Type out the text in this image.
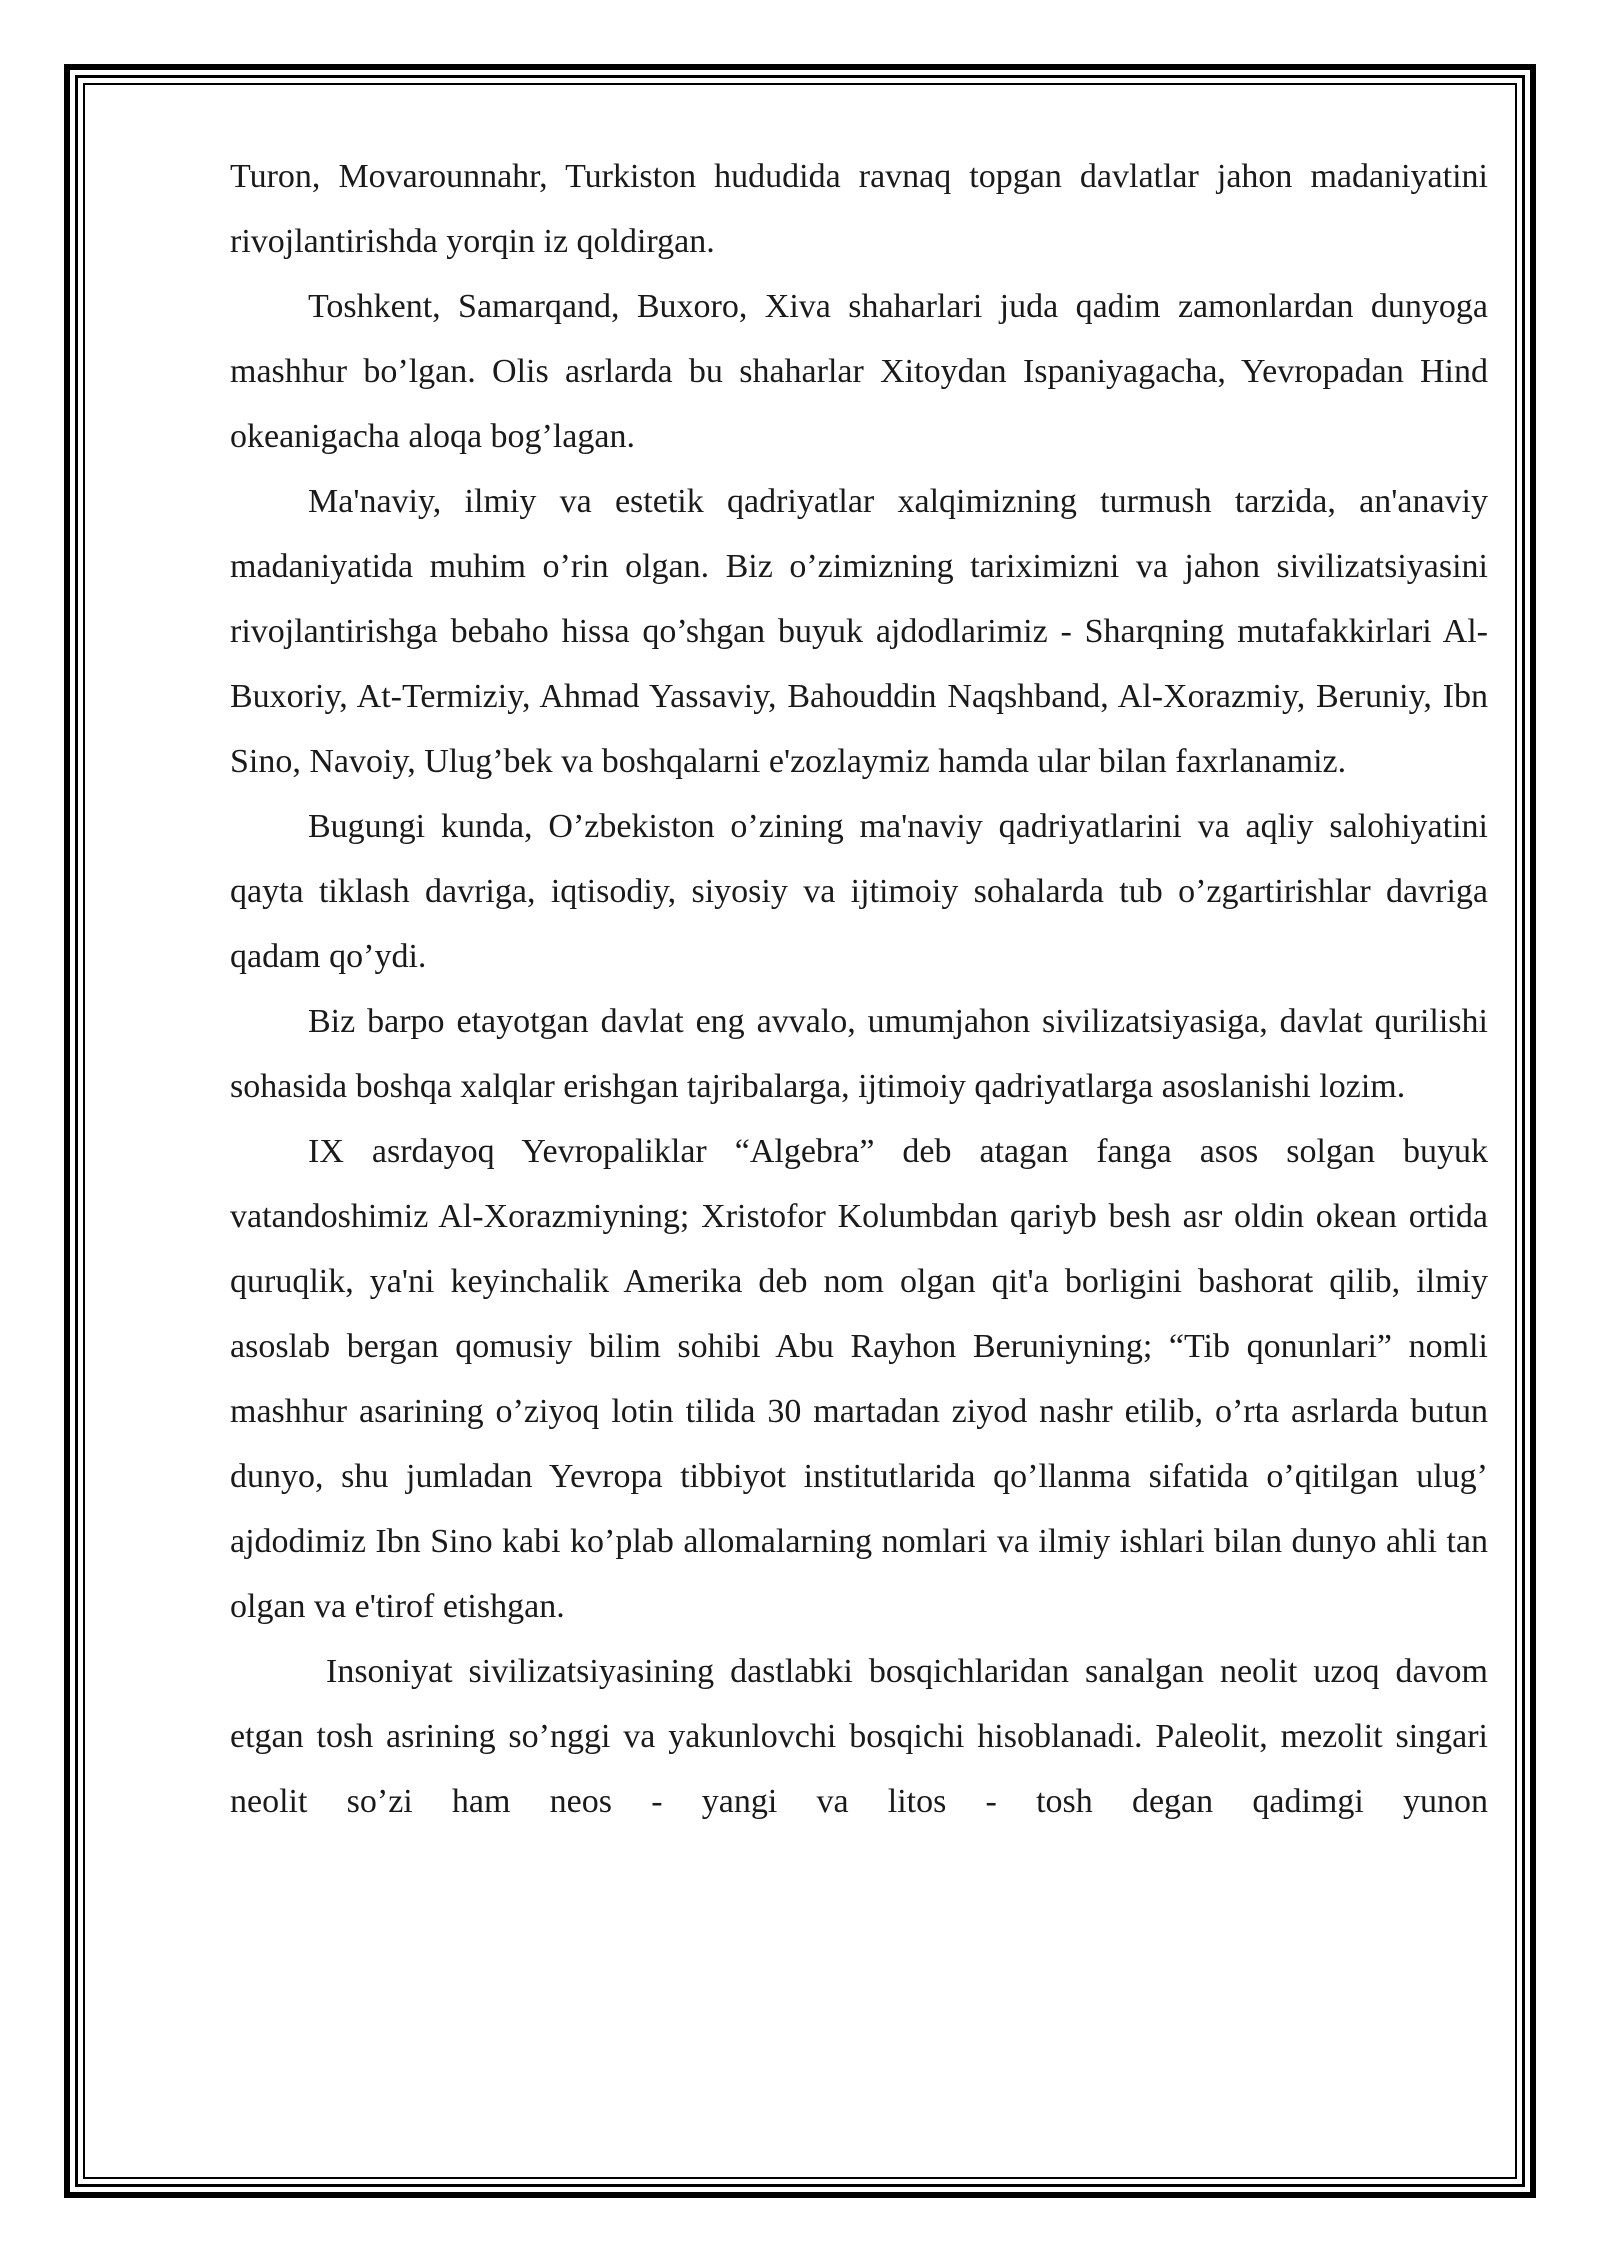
Turon, Movarounnahr, Turkiston hududida ravnaq topgan davlatlar jahon madaniyatini rivojlantirishda yorqin iz qoldirgan.

Toshkent, Samarqand, Buxoro, Xiva shaharlari juda qadim zamonlardan dunyoga mashhur bo’lgan. Olis asrlarda bu shaharlar Xitoydan Ispaniyagacha, Yevropadan Hind okeanigacha aloqa bog’lagan.

Ma'naviy, ilmiy va estetik qadriyatlar xalqimizning turmush tarzida, an'anaviy madaniyatida muhim o’rin olgan. Biz o’zimizning tariximizni va jahon sivilizatsiyasini rivojlantirishga bebaho hissa qo’shgan buyuk ajdodlarimiz - Sharqning mutafakkirlari Al-Buxoriy, At-Termiziy, Ahmad Yassaviy, Bahouddin Naqshband, Al-Xorazmiy, Beruniy, Ibn Sino, Navoiy, Ulug’bek va boshqalarni e'zozlaymiz hamda ular bilan faxrlanamiz.

Bugungi kunda, O’zbekiston o’zining ma'naviy qadriyatlarini va aqliy salohiyatini qayta tiklash davriga, iqtisodiy, siyosiy va ijtimoiy sohalarda tub o’zgartirishlar davriga qadam qo’ydi.

Biz barpo etayotgan davlat eng avvalo, umumjahon sivilizatsiyasiga, davlat qurilishi sohasida boshqa xalqlar erishgan tajribalarga, ijtimoiy qadriyatlarga asoslanishi lozim.

IX asrdayoq Yevropaliklar “Algebra” deb atagan fanga asos solgan buyuk vatandoshimiz Al-Xorazmiyning; Xristofor Kolumbdan qariyb besh asr oldin okean ortida quruqlik, ya'ni keyinchalik Amerika deb nom olgan qit'a borligini bashorat qilib, ilmiy asoslab bergan qomusiy bilim sohibi Abu Rayhon Beruniyning; “Tib qonunlari” nomli mashhur asarining o’ziyoq lotin tilida 30 martadan ziyod nashr etilib, o’rta asrlarda butun dunyo, shu jumladan Yevropa tibbiyot institutlarida qo’llanma sifatida o’qitilgan ulug’ ajdodimiz Ibn Sino kabi ko’plab allomalarning nomlari va ilmiy ishlari bilan dunyo ahli tan olgan va e'tirof etishgan.

Insoniyat sivilizatsiyasining dastlabki bosqichlaridan sanalgan neolit uzoq davom etgan tosh asrining so’nggi va yakunlovchi bosqichi hisoblanadi. Paleolit, mezolit singari neolit so’zi ham neos - yangi va litos - tosh degan qadimgi yunon
